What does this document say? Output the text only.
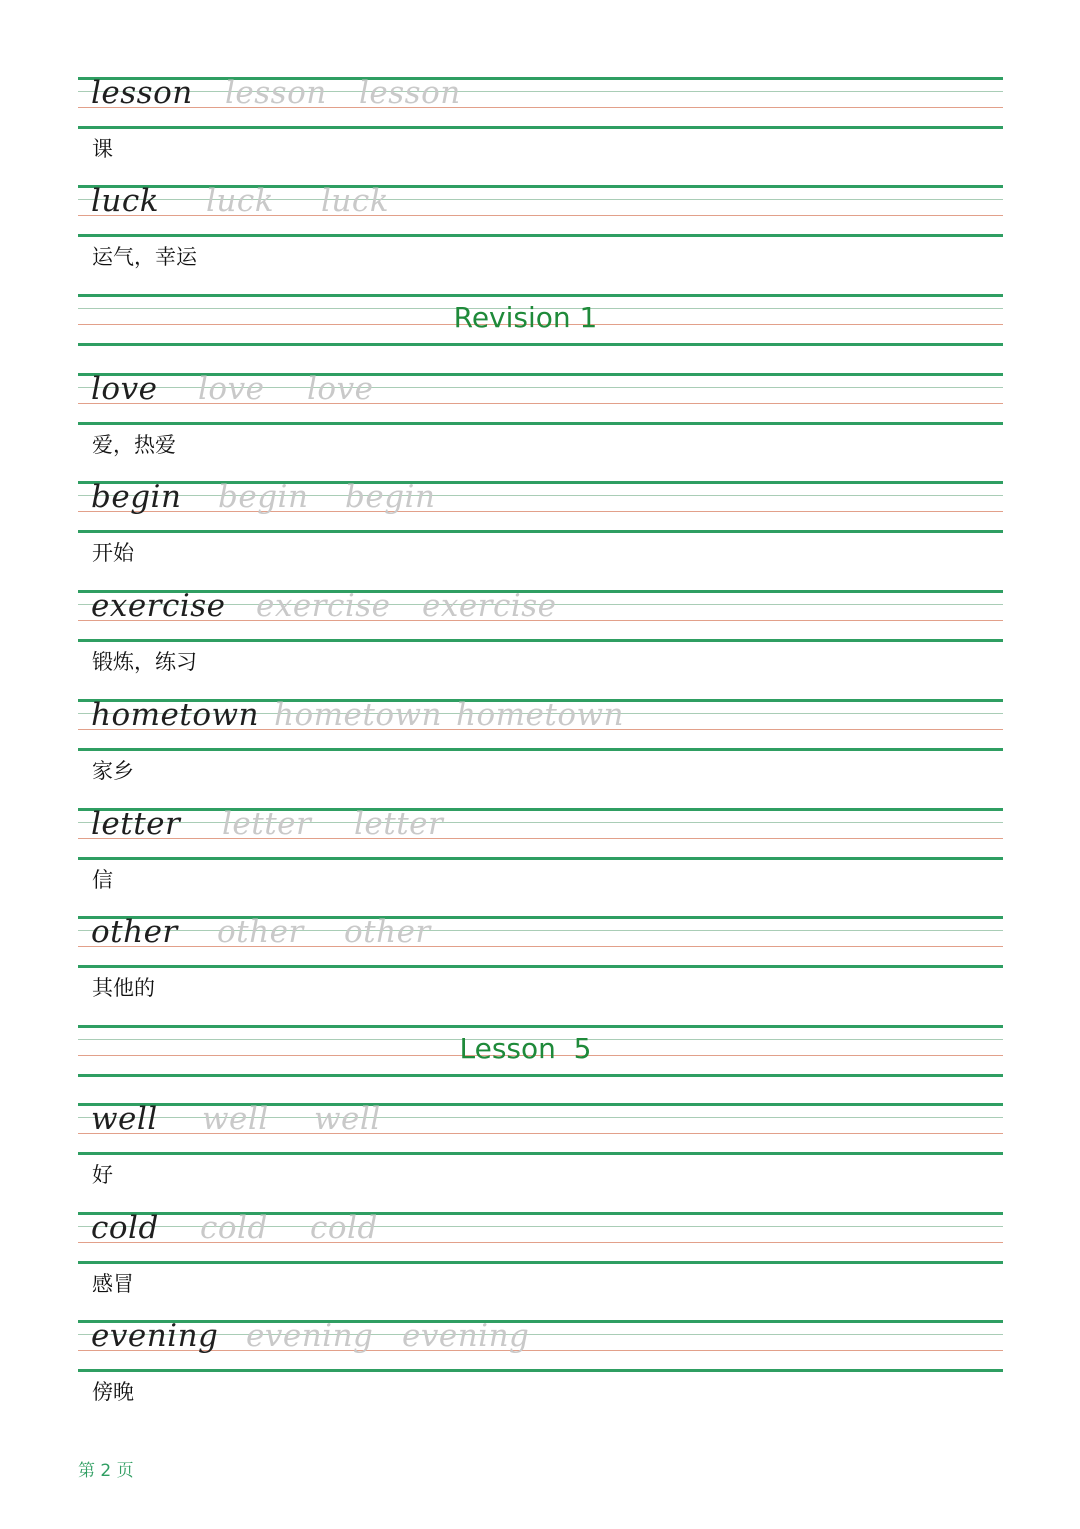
lesson lesson lesson
课
luck luck luck
运气，幸运
Revision 1
love love love
爱，热爱
begin begin begin
开始
exercise exercise exercise
锻炼，练习
hometown hometown hometown
家乡
letter letter letter
信
other other other
其他的
Lesson  5
well well well
好
cold cold cold
感冒
evening evening evening
傍晚
第 2 页
